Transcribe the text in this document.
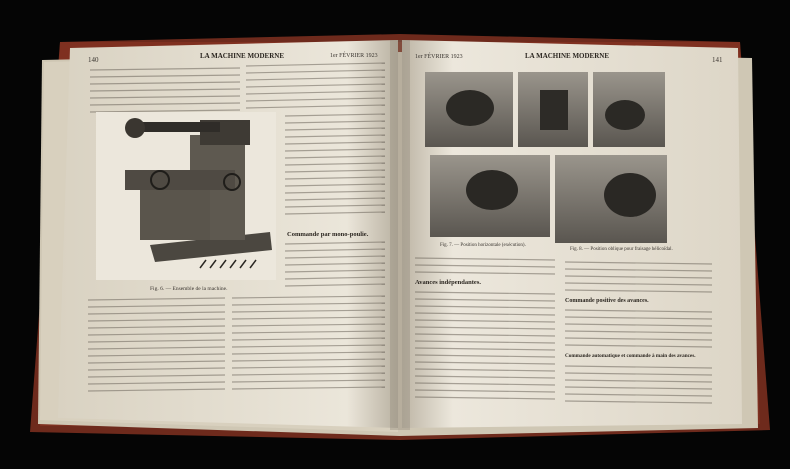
140	LA MACHINE MODERNE	1er FÉVRIER 1923
Fig. 6. — Ensemble de la machine.
Commande par mono-poulie.
1er FÉVRIER 1923	LA MACHINE MODERNE	141
Fig. 7. — Position horizontale (exécution).
Fig. 8. — Position oblique pour fraisage hélicoïdal.
Avances indépendantes.
Commande positive des avances.
Commande automatique et commande à main des avances.
